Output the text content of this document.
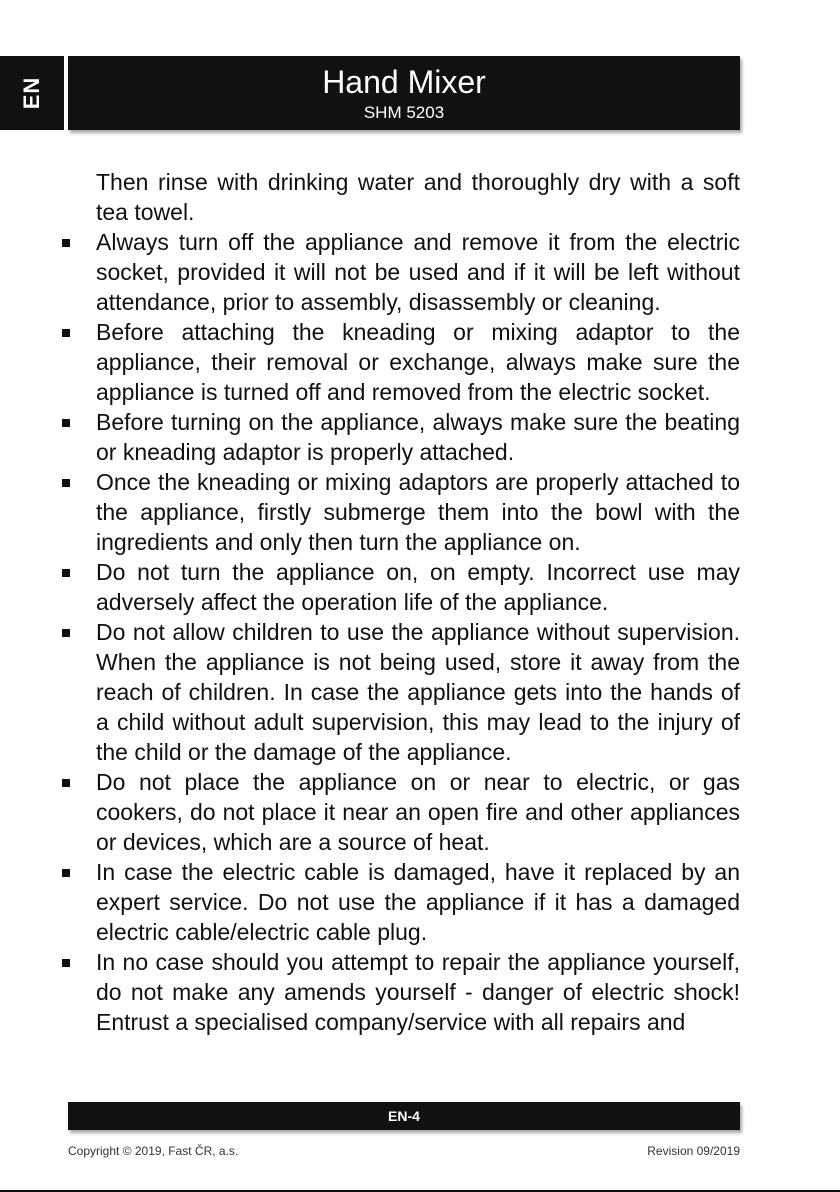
EN	Hand Mixer
SHM 5203

Then rinse with drinking water and thoroughly dry with a soft tea towel.

Always turn off the appliance and remove it from the electric socket, provided it will not be used and if it will be left without attendance, prior to assembly, disassembly or cleaning.
Before attaching the kneading or mixing adaptor to the appliance, their removal or exchange, always make sure the appliance is turned off and removed from the electric socket.
Before turning on the appliance, always make sure the beating or kneading adaptor is properly attached.
Once the kneading or mixing adaptors are properly attached to the appliance, firstly submerge them into the bowl with the ingredients and only then turn the appliance on.
Do not turn the appliance on, on empty. Incorrect use may adversely affect the operation life of the appliance.
Do not allow children to use the appliance without supervision. When the appliance is not being used, store it away from the reach of children. In case the appliance gets into the hands of a child without adult supervision, this may lead to the injury of the child or the damage of the appliance.
Do not place the appliance on or near to electric, or gas cookers, do not place it near an open fire and other appliances or devices, which are a source of heat.
In case the electric cable is damaged, have it replaced by an expert service. Do not use the appliance if it has a damaged electric cable/electric cable plug.
In no case should you attempt to repair the appliance yourself, do not make any amends yourself - danger of electric shock! Entrust a specialised company/service with all repairs and
EN-4
Copyright © 2019, Fast ČR, a.s.	Revision 09/2019
